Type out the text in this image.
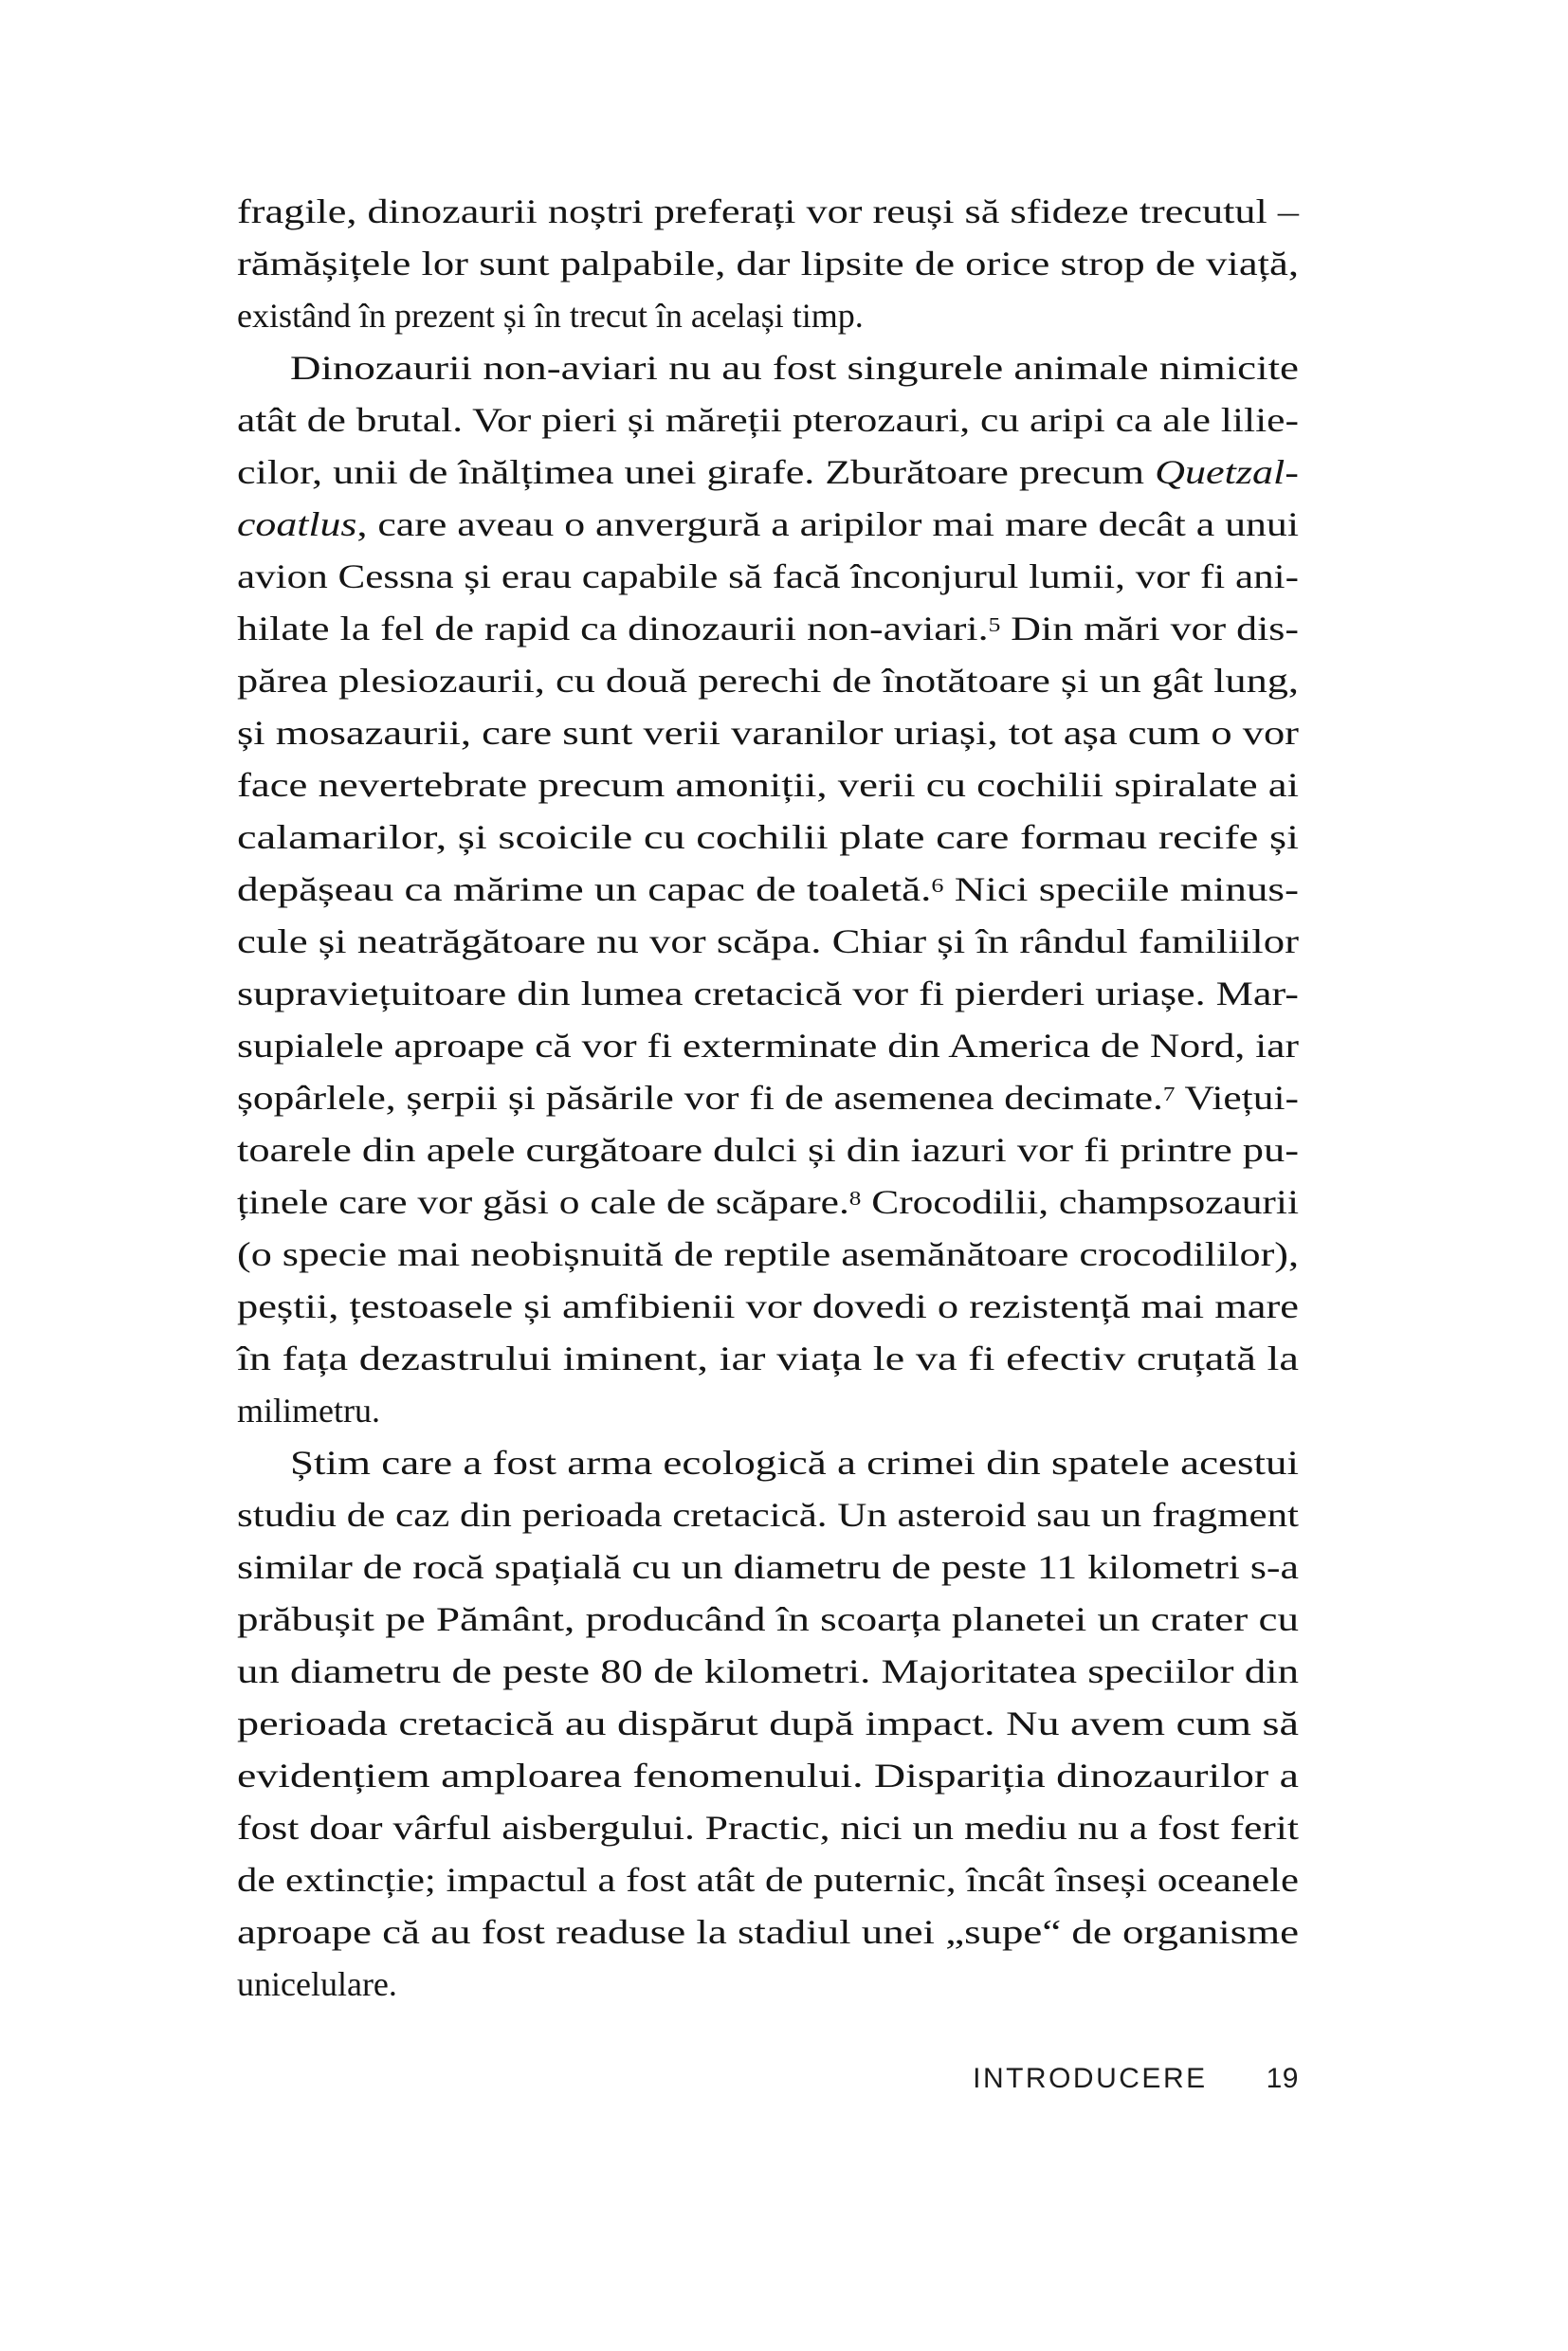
fragile, dinozaurii noștri preferați vor reuși să sfideze trecutul –
rămășițele lor sunt palpabile, dar lipsite de orice strop de viață,
existând în prezent și în trecut în același timp.
Dinozaurii non-aviari nu au fost singurele animale nimicite
atât de brutal. Vor pieri și măreții pterozauri, cu aripi ca ale lilie-
cilor, unii de înălțimea unei girafe. Zburătoare precum Quetzal-
coatlus, care aveau o anvergură a aripilor mai mare decât a unui
avion Cessna și erau capabile să facă înconjurul lumii, vor fi ani-
hilate la fel de rapid ca dinozaurii non-aviari.$^5$ Din mări vor dis-
părea plesiozaurii, cu două perechi de înotătoare și un gât lung,
și mosazaurii, care sunt verii varanilor uriași, tot așa cum o vor
face nevertebrate precum amoniții, verii cu cochilii spiralate ai
calamarilor, și scoicile cu cochilii plate care formau recife și
depășeau ca mărime un capac de toaletă.$^6$ Nici speciile minus-
cule și neatrăgătoare nu vor scăpa. Chiar și în rândul familiilor
supraviețuitoare din lumea cretacică vor fi pierderi uriașe. Mar-
supialele aproape că vor fi exterminate din America de Nord, iar
șopârlele, șerpii și păsările vor fi de asemenea decimate.$^7$ Viețui-
toarele din apele curgătoare dulci și din iazuri vor fi printre pu-
ținele care vor găsi o cale de scăpare.$^8$ Crocodilii, champsozaurii
(o specie mai neobișnuită de reptile asemănătoare crocodililor),
peștii, țestoasele și amfibienii vor dovedi o rezistență mai mare
în fața dezastrului iminent, iar viața le va fi efectiv cruțată la
milimetru.
Știm care a fost arma ecologică a crimei din spatele acestui
studiu de caz din perioada cretacică. Un asteroid sau un fragment
similar de rocă spațială cu un diametru de peste 11 kilometri s-a
prăbușit pe Pământ, producând în scoarța planetei un crater cu
un diametru de peste 80 de kilometri. Majoritatea speciilor din
perioada cretacică au dispărut după impact. Nu avem cum să
evidențiem amploarea fenomenului. Dispariția dinozaurilor a
fost doar vârful aisbergului. Practic, nici un mediu nu a fost ferit
de extincție; impactul a fost atât de puternic, încât înseși oceanele
aproape că au fost readuse la stadiul unei „supe“ de organisme
unicelulare.
INTRODUCERE 19
